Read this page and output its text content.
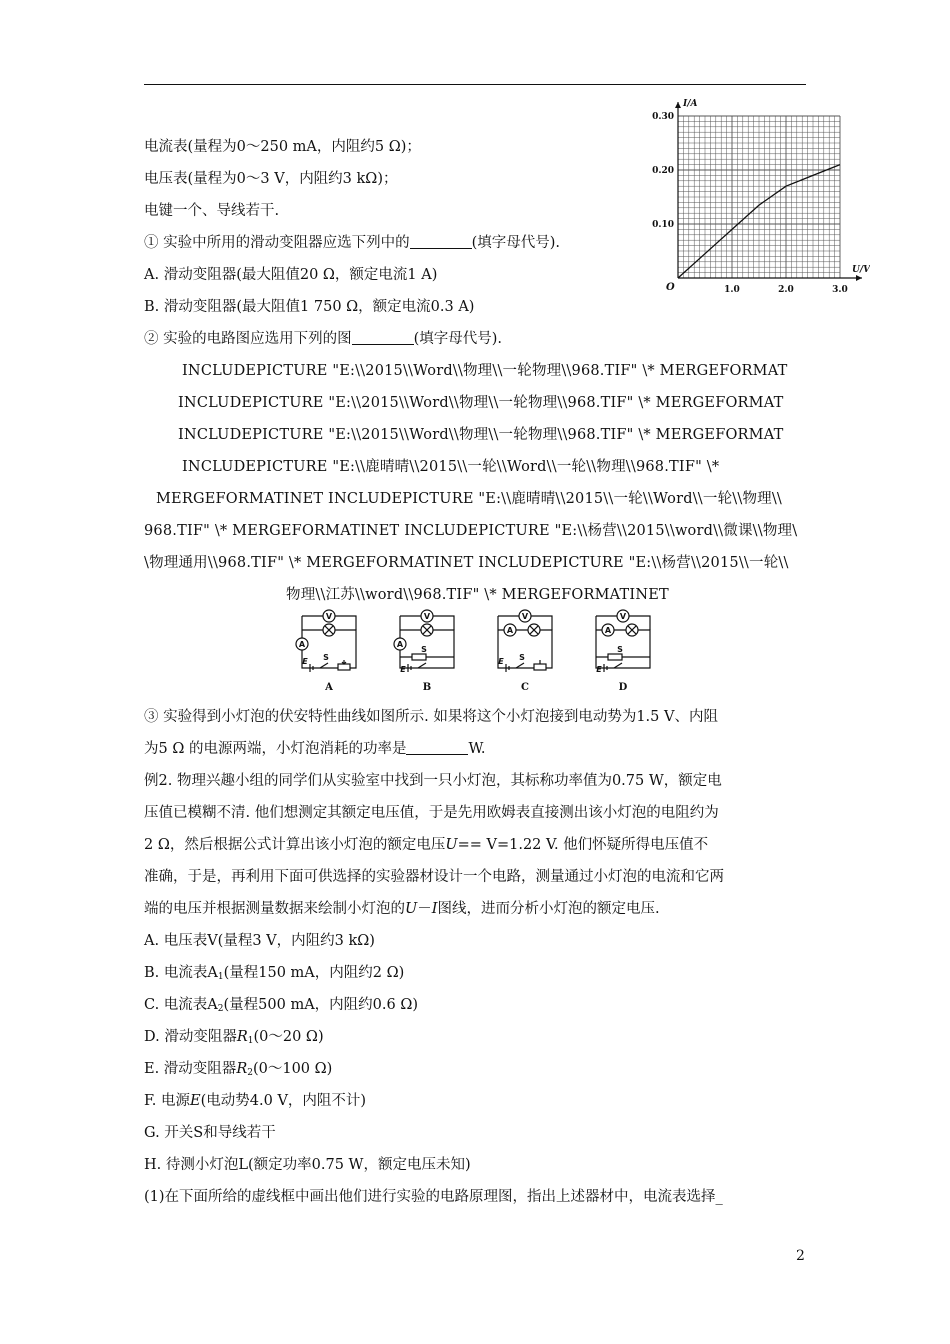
I/A
U/V
O	1.0	2.0	3.0
0.10
0.20
0.30
电流表(量程为0～250 mA，内阻约5 Ω)；
电压表(量程为0～3 V，内阻约3 kΩ)；
电键一个、导线若干.
① 实验中所用的滑动变阻器应选下列中的	(填字母代号).
A. 滑动变阻器(最大阻值20 Ω，额定电流1 A)
B. 滑动变阻器(最大阻值1 750 Ω，额定电流0.3 A)
② 实验的电路图应选用下列的图	(填字母代号).
INCLUDEPICTURE "E:\\2015\\Word\\物理\\一轮物理\\968.TIF" \* MERGEFORMAT
INCLUDEPICTURE "E:\\2015\\Word\\物理\\一轮物理\\968.TIF" \* MERGEFORMAT
INCLUDEPICTURE "E:\\2015\\Word\\物理\\一轮物理\\968.TIF" \* MERGEFORMAT
INCLUDEPICTURE "E:\\鹿晴晴\\2015\\一轮\\Word\\一轮\\物理\\968.TIF" \*
MERGEFORMATINET INCLUDEPICTURE "E:\\鹿晴晴\\2015\\一轮\\Word\\一轮\\物理\\
968.TIF" \* MERGEFORMATINET INCLUDEPICTURE "E:\\杨营\\2015\\word\\微课\\物理\
\物理通用\\968.TIF" \* MERGEFORMATINET INCLUDEPICTURE "E:\\杨营\\2015\\一轮\\
物理\\江苏\\word\\968.TIF" \* MERGEFORMATINET
V	V	V	V
A	A
A	A
E
E
E
E
S
S
S
S
A	B	C	D
③ 实验得到小灯泡的伏安特性曲线如图所示. 如果将这个小灯泡接到电动势为1.5 V、内阻
为5 Ω 的电源两端，小灯泡消耗的功率是	W.
例2. 物理兴趣小组的同学们从实验室中找到一只小灯泡，其标称功率值为0.75 W，额定电
压值已模糊不清. 他们想测定其额定电压值，于是先用欧姆表直接测出该小灯泡的电阻约为
2 Ω，然后根据公式计算出该小灯泡的额定电压U== V=1.22 V. 他们怀疑所得电压值不
准确，于是，再利用下面可供选择的实验器材设计一个电路，测量通过小灯泡的电流和它两
端的电压并根据测量数据来绘制小灯泡的U－I图线，进而分析小灯泡的额定电压.
A. 电压表V(量程3 V，内阻约3 kΩ)
B. 电流表$A_1$(量程150 mA，内阻约2 Ω)
C. 电流表$A_2$(量程500 mA，内阻约0.6 Ω)
D. 滑动变阻器$R_1(0\sim 20$ Ω)
E. 滑动变阻器$R_2(0\sim 100$ Ω)
F. 电源E(电动势4.0 V，内阻不计)
G. 开关S和导线若干
H. 待测小灯泡L(额定功率0.75 W，额定电压未知)
(1)在下面所给的虚线框中画出他们进行实验的电路原理图，指出上述器材中，电流表选择_
2
